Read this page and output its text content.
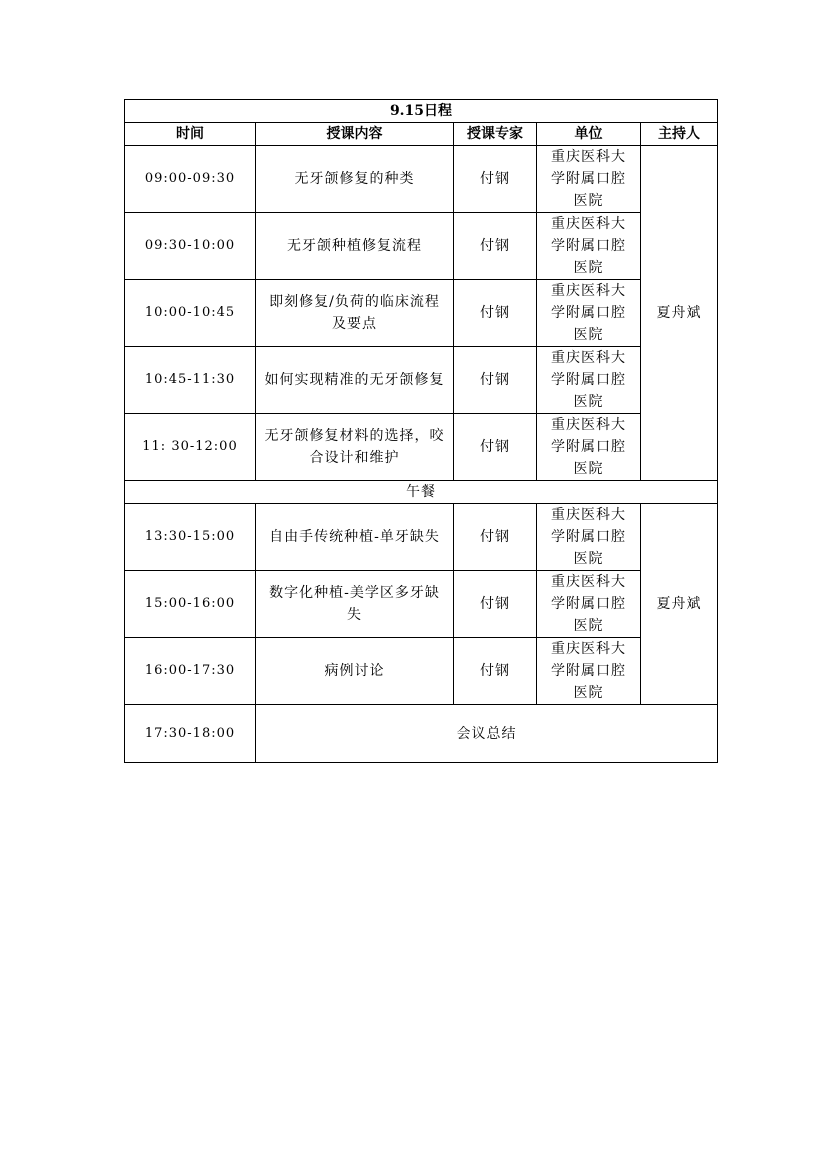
9.15日程				
时间	授课内容	授课专家	单位	主持人
09:00-09:30	无牙颌修复的种类	付钢	重庆医科大学附属口腔医院	夏舟斌
09:30-10:00	无牙颌种植修复流程	付钢	重庆医科大学附属口腔医院	
10:00-10:45	即刻修复/负荷的临床流程及要点	付钢	重庆医科大学附属口腔医院	
10:45-11:30	如何实现精准的无牙颌修复	付钢	重庆医科大学附属口腔医院	
11: 30-12:00	无牙颌修复材料的选择，咬合设计和维护	付钢	重庆医科大学附属口腔医院	
午餐				
13:30-15:00	自由手传统种植-单牙缺失	付钢	重庆医科大学附属口腔医院	夏舟斌
15:00-16:00	数字化种植-美学区多牙缺失	付钢	重庆医科大学附属口腔医院	
16:00-17:30	病例讨论	付钢	重庆医科大学附属口腔医院	
17:30-18:00	会议总结			
